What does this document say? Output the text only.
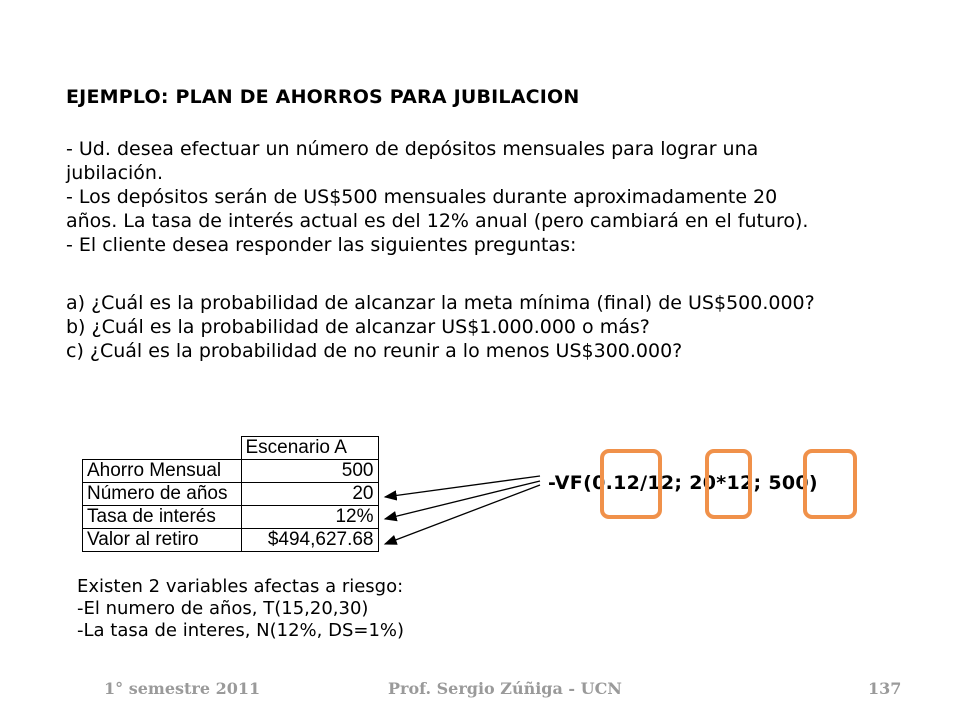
EJEMPLO: PLAN DE AHORROS PARA JUBILACION
- Ud. desea efectuar un número de depósitos mensuales para lograr una
jubilación.
- Los depósitos serán de US$500 mensuales durante aproximadamente 20
años. La tasa de interés actual es del 12% anual (pero cambiará en el futuro).
- El cliente desea responder las siguientes preguntas:
a) ¿Cuál es la probabilidad de alcanzar la meta mínima (final) de US$500.000?
b) ¿Cuál es la probabilidad de alcanzar US$1.000.000 o más?
c) ¿Cuál es la probabilidad de no reunir a lo menos US$300.000?
	Escenario A
Ahorro Mensual	500
Número de años	20
Tasa de interés	12%
Valor al retiro	$494,627.68
-VF(0.12/12; 20*12; 500)
Existen 2 variables afectas a riesgo:
-El numero de años, T(15,20,30)
-La tasa de interes, N(12%, DS=1%)
1° semestre 2011	Prof. Sergio Zúñiga - UCN	137
